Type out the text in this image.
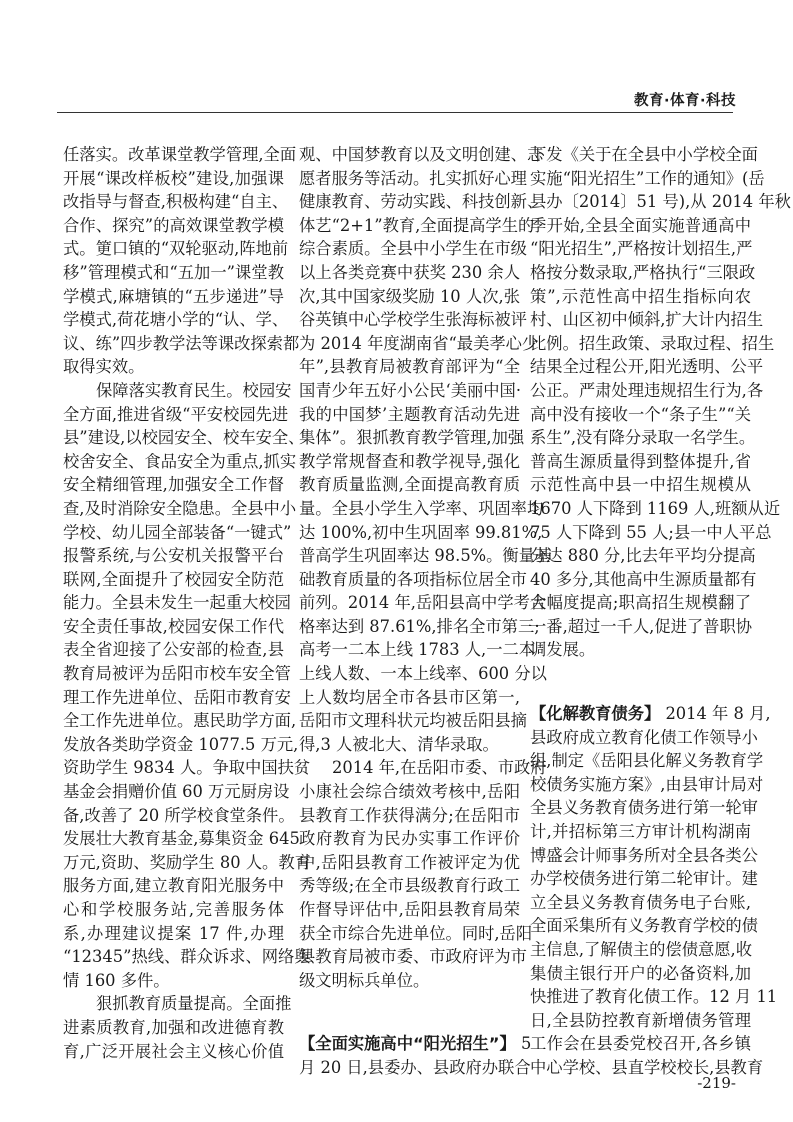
教育·体育·科技
任落实。改革课堂教学管理,全面
开展“课改样板校”建设,加强课
改指导与督查,积极构建“自主、
合作、探究”的高效课堂教学模
式。筻口镇的“双轮驱动,阵地前
移”管理模式和“五加一”课堂教
学模式,麻塘镇的“五步递进”导
学模式,荷花塘小学的“认、学、
议、练”四步教学法等课改探索都
取得实效。
保障落实教育民生。校园安
全方面,推进省级“平安校园先进
县”建设,以校园安全、校车安全、
校舍安全、食品安全为重点,抓实
安全精细管理,加强安全工作督
查,及时消除安全隐患。全县中小
学校、幼儿园全部装备“一键式”
报警系统,与公安机关报警平台
联网,全面提升了校园安全防范
能力。全县未发生一起重大校园
安全责任事故,校园安保工作代
表全省迎接了公安部的检查,县
教育局被评为岳阳市校车安全管
理工作先进单位、岳阳市教育安
全工作先进单位。惠民助学方面,
发放各类助学资金 1077.5 万元,
资助学生 9834 人。争取中国扶贫
基金会捐赠价值 60 万元厨房设
备,改善了 20 所学校食堂条件。
发展壮大教育基金,募集资金 645
万元,资助、奖励学生 80 人。教育
服务方面,建立教育阳光服务中
心和学校服务站,完善服务体
系,办理建议提案 17 件,办理
“12345”热线、群众诉求、网络舆
情 160 多件。
狠抓教育质量提高。全面推
进素质教育,加强和改进德育教
育,广泛开展社会主义核心价值
观、中国梦教育以及文明创建、志
愿者服务等活动。扎实抓好心理
健康教育、劳动实践、科技创新、
体艺“2+1”教育,全面提高学生的
综合素质。全县中小学生在市级
以上各类竞赛中获奖 230 余人
次,其中国家级奖励 10 人次,张
谷英镇中心学校学生张海标被评
为 2014 年度湖南省“最美孝心少
年”,县教育局被教育部评为“全
国青少年五好小公民‘美丽中国·
我的中国梦’主题教育活动先进
集体”。狠抓教育教学管理,加强
教学常规督查和教学视导,强化
教育质量监测,全面提高教育质
量。全县小学生入学率、巩固率均
达 100%,初中生巩固率 99.81%,
普高学生巩固率达 98.5%。衡量基
础教育质量的各项指标位居全市
前列。2014 年,岳阳县高中学考合
格率达到 87.61%,排名全市第三;
高考一二本上线 1783 人,一二本
上线人数、一本上线率、600 分以
上人数均居全市各县市区第一,
岳阳市文理科状元均被岳阳县摘
得,3 人被北大、清华录取。
2014 年,在岳阳市委、市政府
小康社会综合绩效考核中,岳阳
县教育工作获得满分;在岳阳市
政府教育为民办实事工作评价
中,岳阳县教育工作被评定为优
秀等级;在全市县级教育行政工
作督导评估中,岳阳县教育局荣
获全市综合先进单位。同时,岳阳
县教育局被市委、市政府评为市
级文明标兵单位。
【全面实施高中“阳光招生”】 5
月 20 日,县委办、县政府办联合
下发《关于在全县中小学校全面
实施“阳光招生”工作的通知》(岳
县办〔2014〕51 号),从 2014 年秋
季开始,全县全面实施普通高中
“阳光招生”,严格按计划招生,严
格按分数录取,严格执行“三限政
策”,示范性高中招生指标向农
村、山区初中倾斜,扩大计内招生
比例。招生政策、录取过程、招生
结果全过程公开,阳光透明、公平
公正。严肃处理违规招生行为,各
高中没有接收一个“条子生”“关
系生”,没有降分录取一名学生。
普高生源质量得到整体提升,省
示范性高中县一中招生规模从
1670 人下降到 1169 人,班额从近
75 人下降到 55 人;县一中人平总
分达 880 分,比去年平均分提高
40 多分,其他高中生源质量都有
大幅度提高;职高招生规模翻了
一番,超过一千人,促进了普职协
调发展。
【化解教育债务】 2014 年 8 月,
县政府成立教育化债工作领导小
组,制定《岳阳县化解义务教育学
校债务实施方案》,由县审计局对
全县义务教育债务进行第一轮审
计,并招标第三方审计机构湖南
博盛会计师事务所对全县各类公
办学校债务进行第二轮审计。建
立全县义务教育债务电子台账,
全面采集所有义务教育学校的债
主信息,了解债主的偿债意愿,收
集债主银行开户的必备资料,加
快推进了教育化债工作。12 月 11
日,全县防控教育新增债务管理
工作会在县委党校召开,各乡镇
中心学校、县直学校校长,县教育
-219-
